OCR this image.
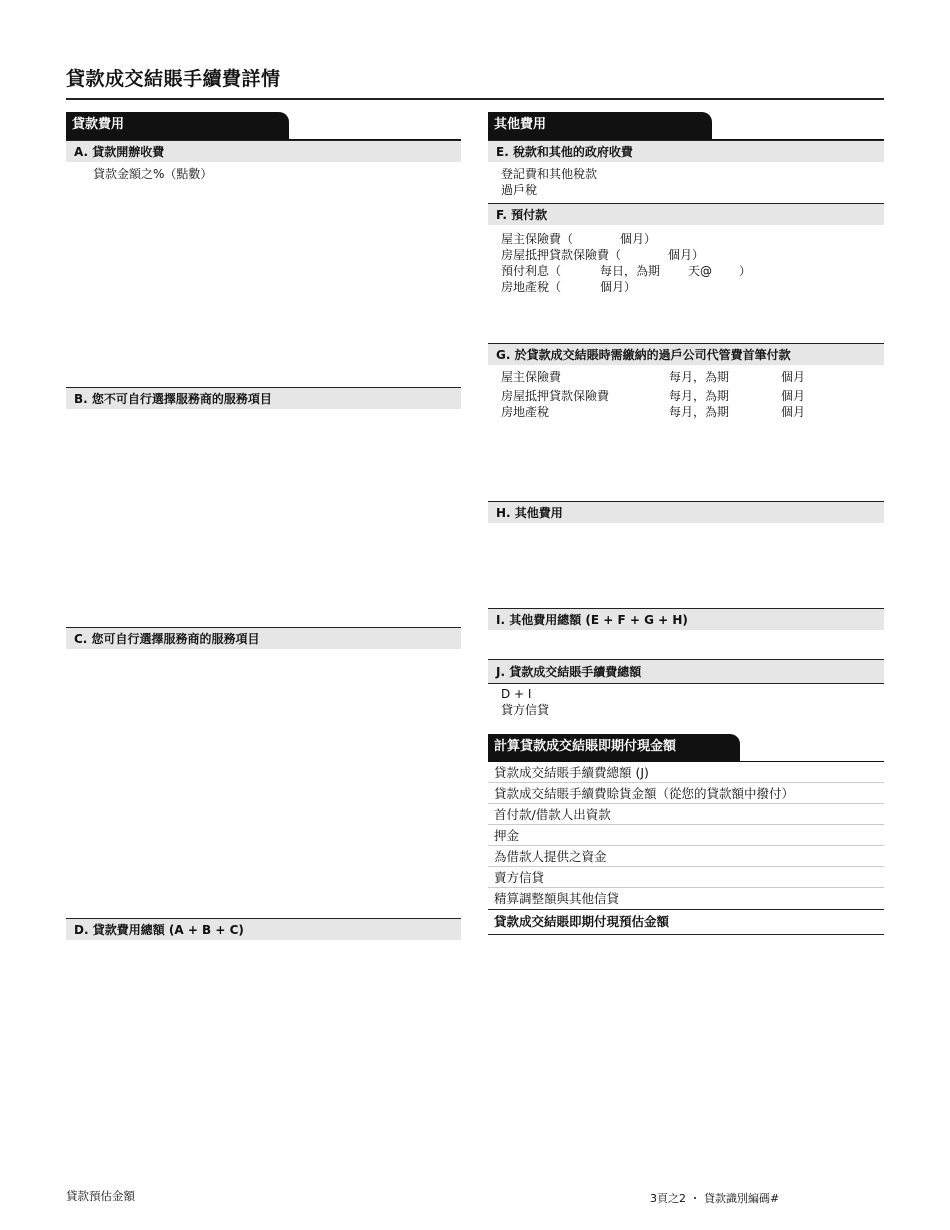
貸款成交結賬手續費詳情
貸款費用
A. 貸款開辦收費
貸款金額之%（點數）
B. 您不可自行選擇服務商的服務項目
C. 您可自行選擇服務商的服務項目
D. 貸款費用總額 (A + B + C)
其他費用
E. 稅款和其他的政府收費
登記費和其他稅款
過戶稅
F. 預付款
屋主保險費（	個月）
房屋抵押貸款保險費（	個月）
預付利息（	每日，為期 天@ ）
房地產稅（	個月）
G. 於貸款成交結賬時需繳納的過戶公司代管費首筆付款
屋主保險費	每月，為期	個月
房屋抵押貸款保險費	每月，為期	個月
房地產稅	每月，為期	個月
H. 其他費用
I. 其他費用總額 (E + F + G + H)
J. 貸款成交結賬手續費總額
D + I
貸方信貸
計算貸款成交結賬即期付現金額
貸款成交結賬手續費總額 (J)
貸款成交結賬手續費賒貨金額（從您的貸款額中撥付）
首付款/借款人出資款
押金
為借款人提供之資金
賣方信貸
精算調整額與其他信貸
貸款成交結賬即期付現預估金額
貸款預估金額	3頁之2 ・ 貸款識別編碼#
